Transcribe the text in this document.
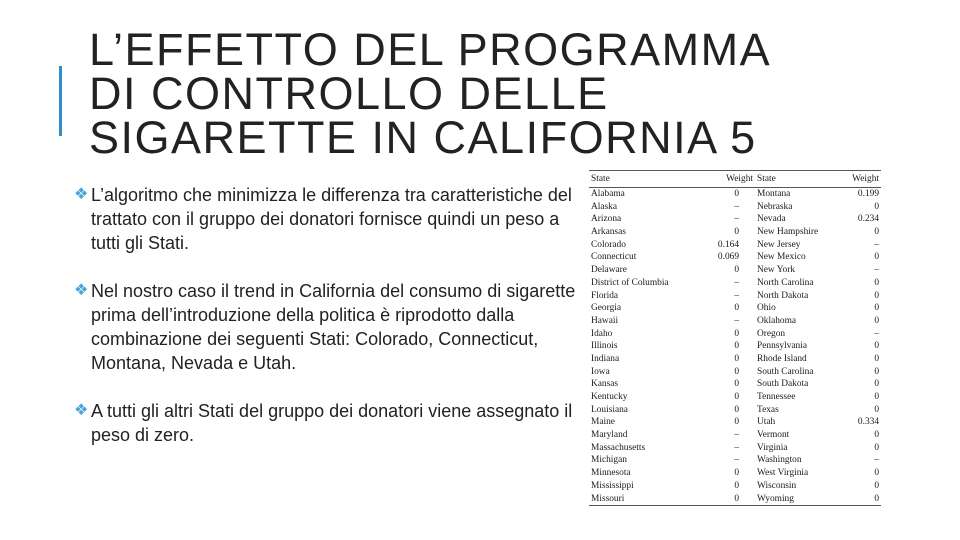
L’EFFETTO DEL PROGRAMMA
DI CONTROLLO DELLE
SIGARETTE IN CALIFORNIA 5
❖ L’algoritmo che minimizza le differenza tra caratteristiche del trattato con il gruppo dei donatori fornisce quindi un peso a tutti gli Stati.
❖ Nel nostro caso il trend in California del consumo di sigarette prima dell’introduzione della politica è riprodotto dalla combinazione dei seguenti Stati: Colorado, Connecticut, Montana, Nevada e Utah.
❖ A tutti gli altri Stati del gruppo dei donatori viene assegnato il peso di zero.
State	Weight	State	Weight
Alabama	0	Montana	0.199
Alaska	–	Nebraska	0
Arizona	–	Nevada	0.234
Arkansas	0	New Hampshire	0
Colorado	0.164	New Jersey	–
Connecticut	0.069	New Mexico	0
Delaware	0	New York	–
District of Columbia	–	North Carolina	0
Florida	–	North Dakota	0
Georgia	0	Ohio	0
Hawaii	–	Oklahoma	0
Idaho	0	Oregon	–
Illinois	0	Pennsylvania	0
Indiana	0	Rhode Island	0
Iowa	0	South Carolina	0
Kansas	0	South Dakota	0
Kentucky	0	Tennessee	0
Louisiana	0	Texas	0
Maine	0	Utah	0.334
Maryland	–	Vermont	0
Massachusetts	–	Virginia	0
Michigan	–	Washington	–
Minnesota	0	West Virginia	0
Mississippi	0	Wisconsin	0
Missouri	0	Wyoming	0
